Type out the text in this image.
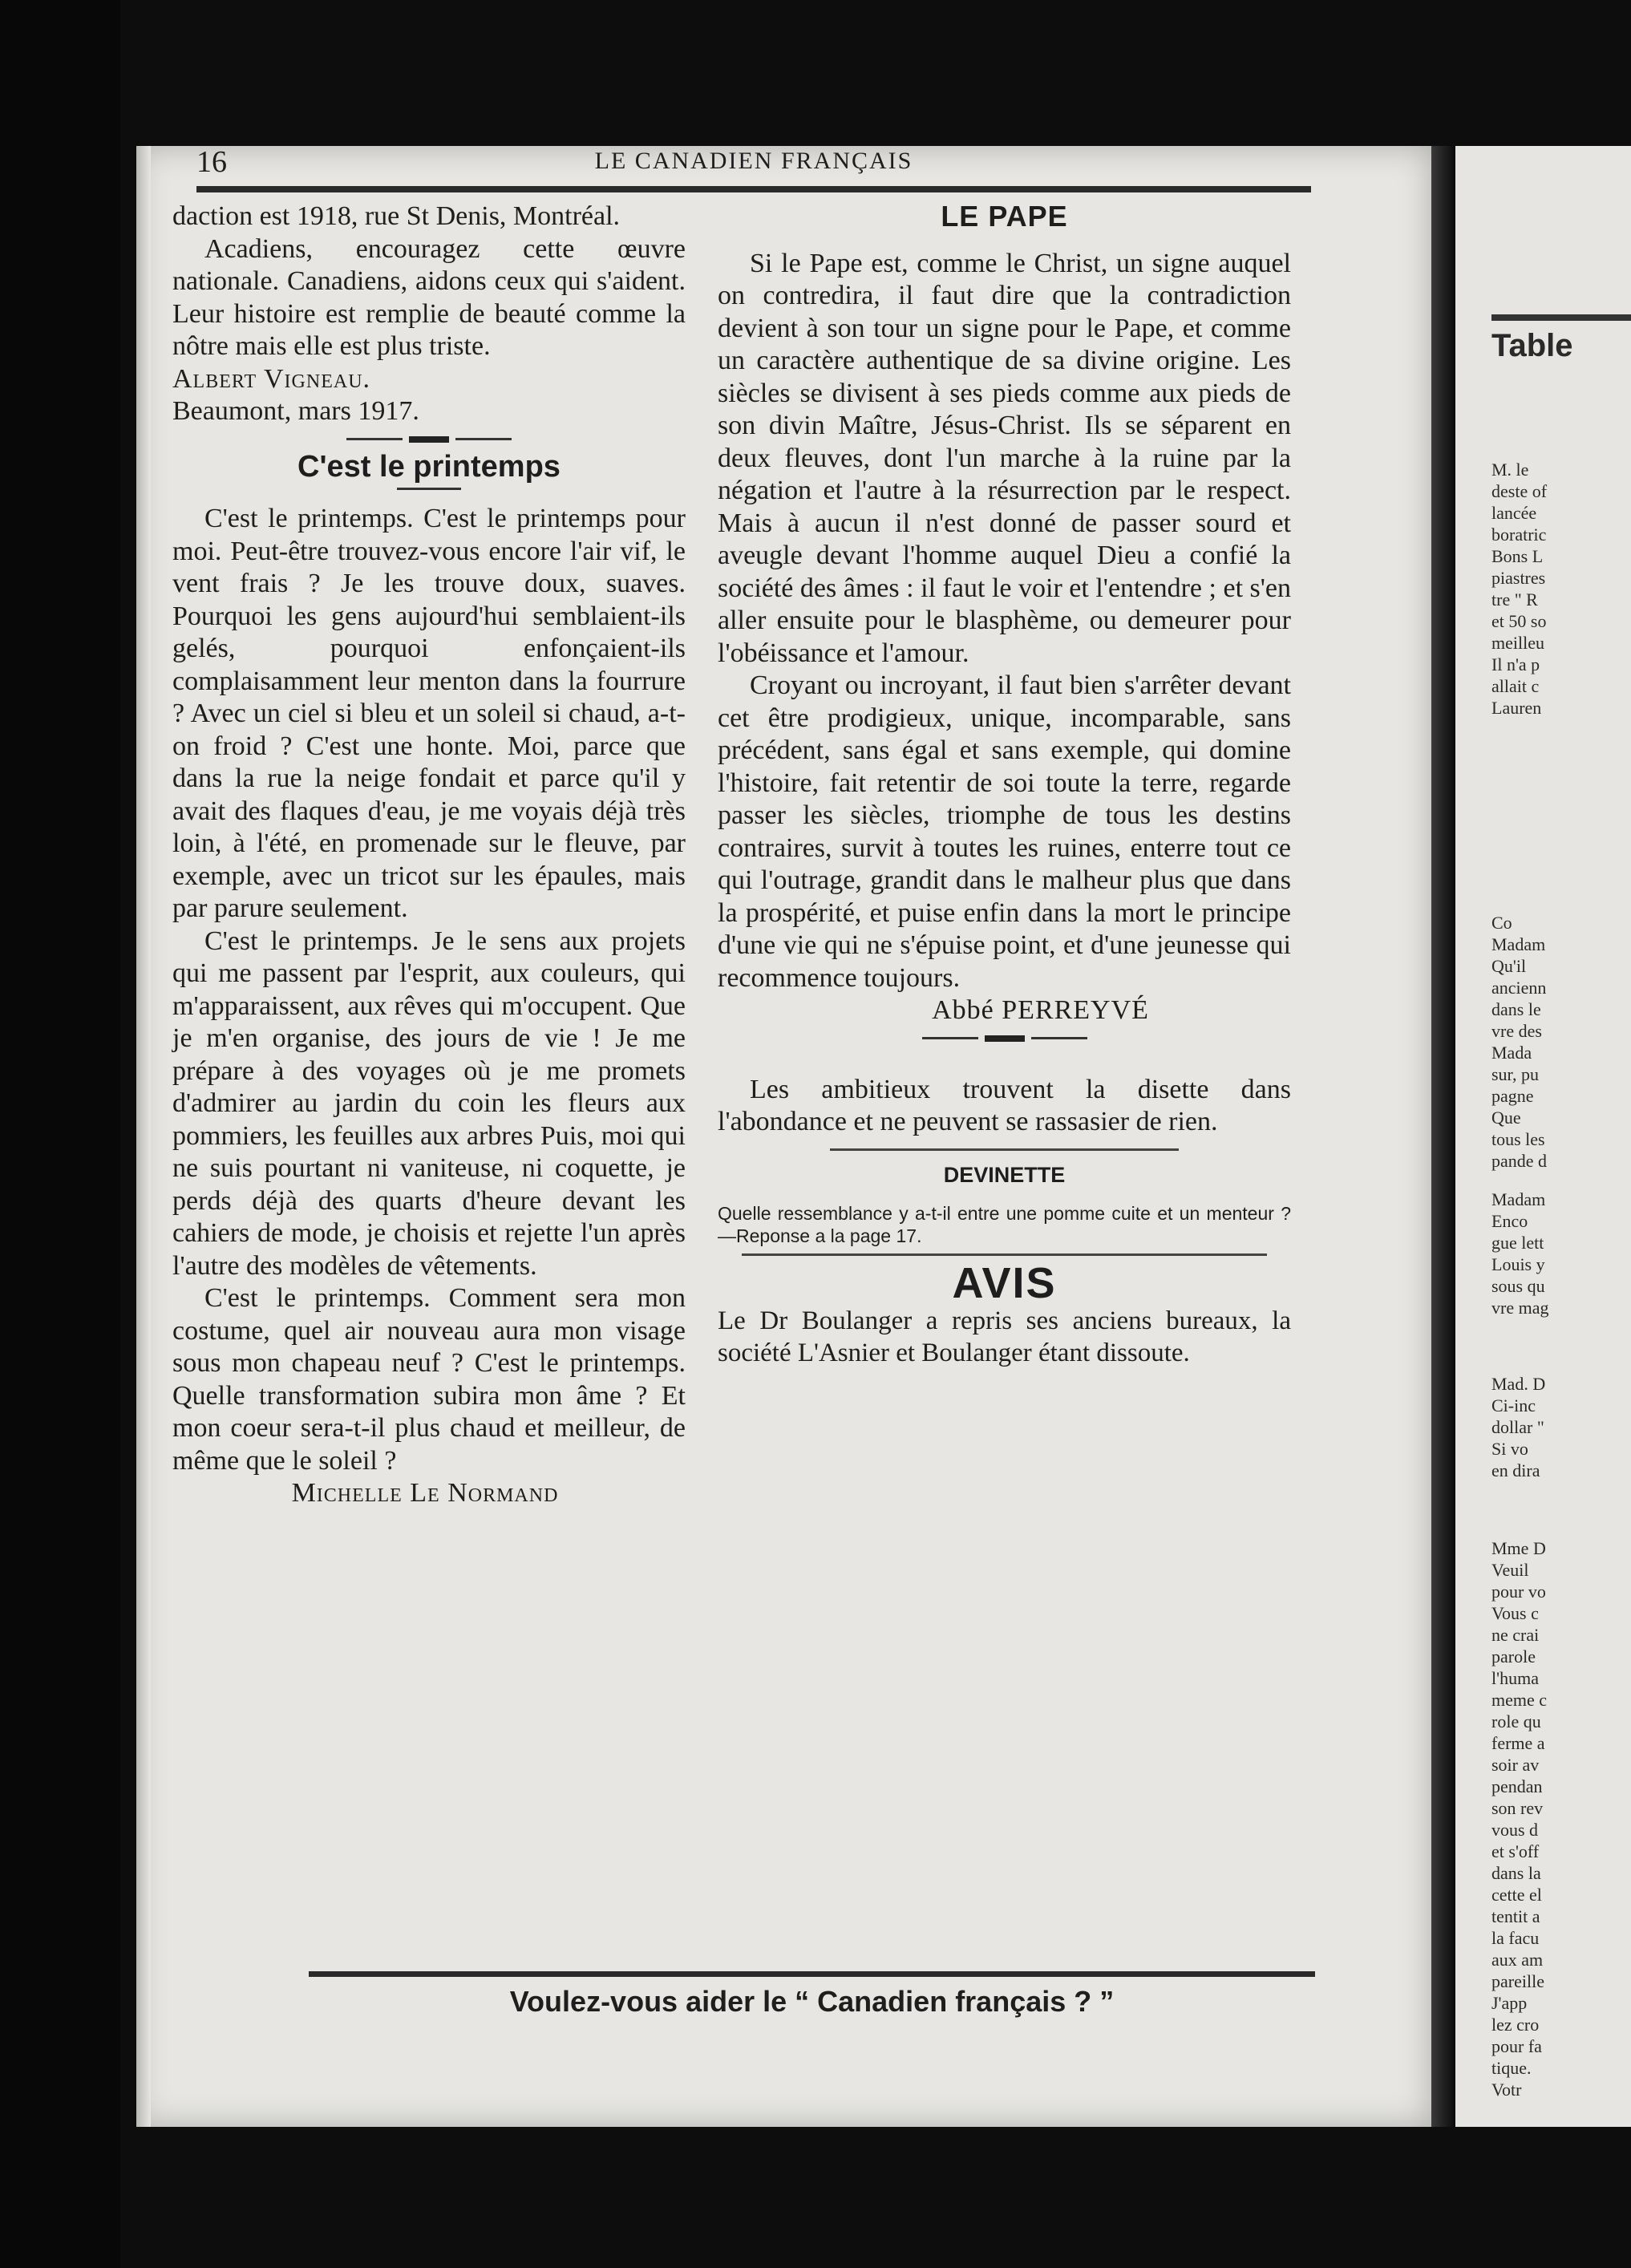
Table
M. le
deste of
lancée
boratric
Bons L
piastres
tre " R
et 50 so
meilleu
Il n'a p
allait c
Lauren
Co
Madam
Qu'il
ancienn
dans le
vre des
Mada
sur, pu
pagne
Que
tous les
pande d
Madam
Enco
gue lett
Louis y
sous qu
vre mag
Mad. D
Ci-inc
dollar "
Si vo
en dira
Mme D
Veuil
pour vo
Vous c
ne crai
parole
l'huma
meme c
role qu
ferme a
soir av
pendan
son rev
vous d
et s'off
dans la
cette el
tentit a
la facu
aux am
pareille
J'app
lez cro
pour fa
tique.
Votr
16	LE CANADIEN FRANÇAIS

daction est 1918, rue St Denis, Montréal.

Acadiens, encouragez cette œuvre nationale. Canadiens, aidons ceux qui s'aident. Leur histoire est remplie de beauté comme la nôtre mais elle est plus triste.

Albert Vigneau.

Beaumont, mars 1917.

C'est le printemps

C'est le printemps. C'est le printemps pour moi. Peut-être trouvez-vous encore l'air vif, le vent frais ? Je les trouve doux, suaves. Pourquoi les gens aujourd'hui semblaient-ils gelés, pourquoi enfonçaient-ils complaisamment leur menton dans la fourrure ? Avec un ciel si bleu et un soleil si chaud, a-t-on froid ? C'est une honte. Moi, parce que dans la rue la neige fondait et parce qu'il y avait des flaques d'eau, je me voyais déjà très loin, à l'été, en promenade sur le fleuve, par exemple, avec un tricot sur les épaules, mais par parure seulement.

C'est le printemps. Je le sens aux projets qui me passent par l'esprit, aux couleurs, qui m'apparaissent, aux rêves qui m'occupent. Que je m'en organise, des jours de vie ! Je me prépare à des voyages où je me promets d'admirer au jardin du coin les fleurs aux pommiers, les feuilles aux arbres Puis, moi qui ne suis pourtant ni vaniteuse, ni coquette, je perds déjà des quarts d'heure devant les cahiers de mode, je choisis et rejette l'un après l'autre des modèles de vêtements.

C'est le printemps. Comment sera mon costume, quel air nouveau aura mon visage sous mon chapeau neuf ? C'est le printemps. Quelle transformation subira mon âme ? Et mon coeur sera-t-il plus chaud et meilleur, de même que le soleil ?

Michelle Le Normand

LE PAPE

Si le Pape est, comme le Christ, un signe auquel on contredira, il faut dire que la contradiction devient à son tour un signe pour le Pape, et comme un caractère authentique de sa divine origine. Les siècles se divisent à ses pieds comme aux pieds de son divin Maître, Jésus-Christ. Ils se séparent en deux fleuves, dont l'un marche à la ruine par la négation et l'autre à la résurrection par le respect. Mais à aucun il n'est donné de passer sourd et aveugle devant l'homme auquel Dieu a confié la société des âmes : il faut le voir et l'entendre ; et s'en aller ensuite pour le blasphème, ou demeurer pour l'obéissance et l'amour.

Croyant ou incroyant, il faut bien s'arrêter devant cet être prodigieux, unique, incomparable, sans précédent, sans égal et sans exemple, qui domine l'histoire, fait retentir de soi toute la terre, regarde passer les siècles, triomphe de tous les destins contraires, survit à toutes les ruines, enterre tout ce qui l'outrage, grandit dans le malheur plus que dans la prospérité, et puise enfin dans la mort le principe d'une vie qui ne s'épuise point, et d'une jeunesse qui recommence toujours.

Abbé PERREYVÉ

Les ambitieux trouvent la disette dans l'abondance et ne peuvent se rassasier de rien.

DEVINETTE

Quelle ressemblance y a-t-il entre une pomme cuite et un menteur ?—Reponse a la page 17.

AVIS

Le Dr Boulanger a repris ses anciens bureaux, la société L'Asnier et Boulanger étant dissoute.

Voulez-vous aider le “ Canadien français ? ”
